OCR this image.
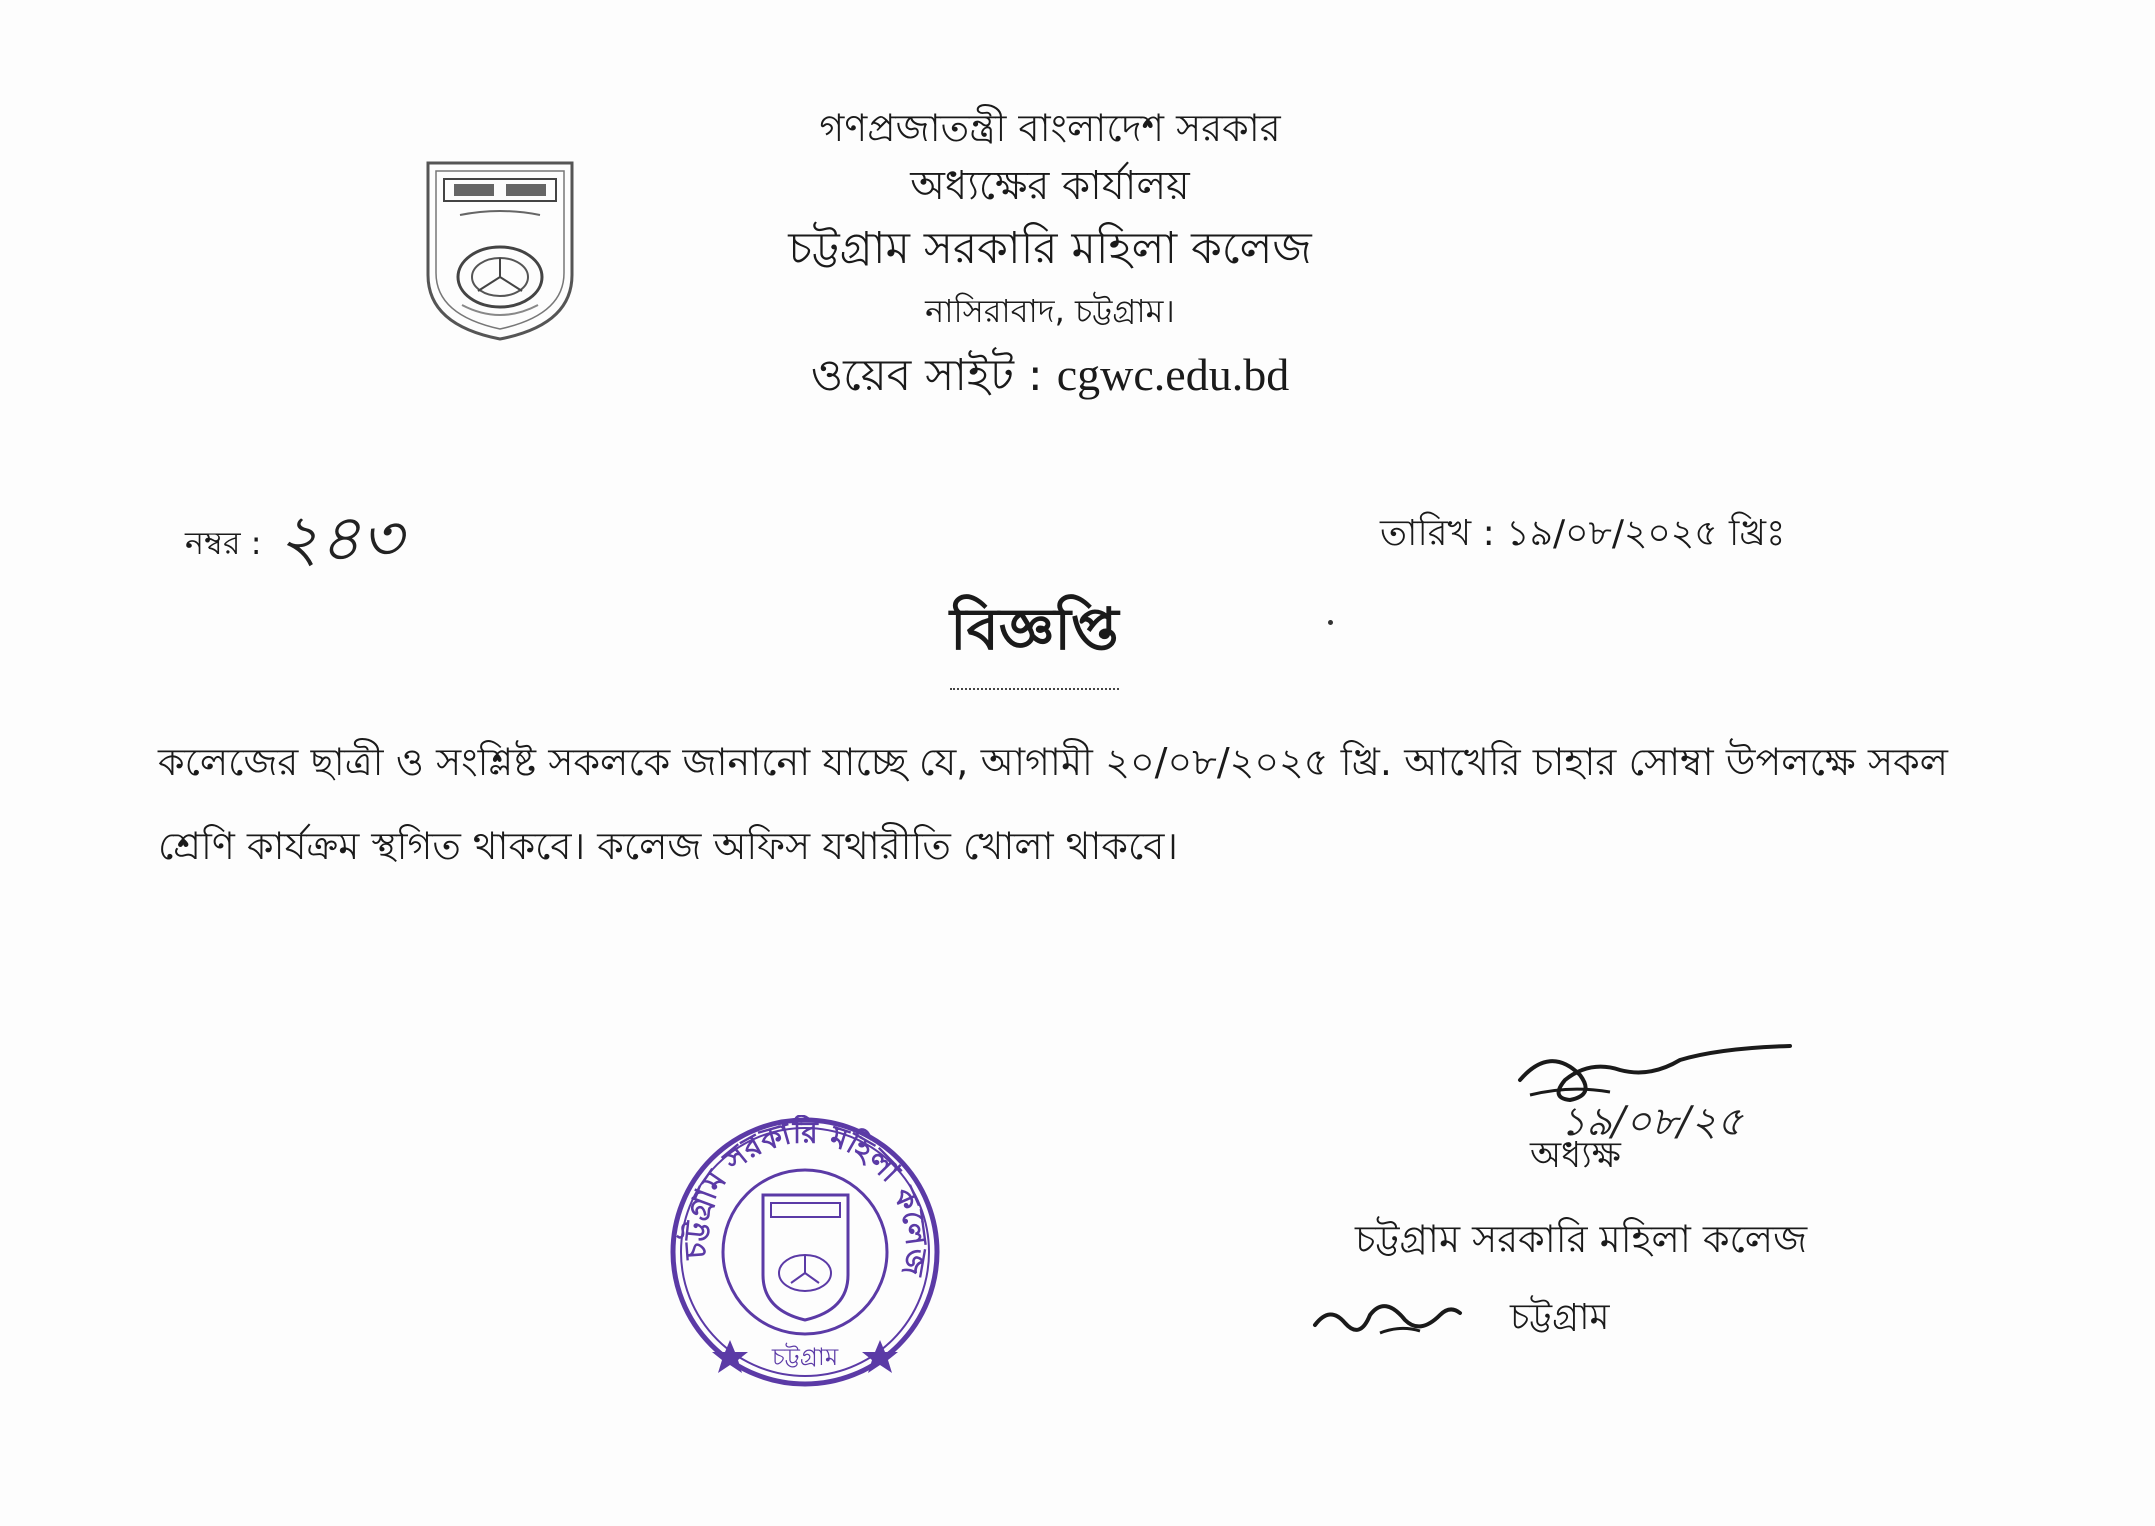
গণপ্রজাতন্ত্রী বাংলাদেশ সরকার
অধ্যক্ষের কার্যালয়
চট্টগ্রাম সরকারি মহিলা কলেজ
নাসিরাবাদ, চট্টগ্রাম।
ওয়েব সাইট : cgwc.edu.bd
নম্বর : ২৪৩	তারিখ : ১৯/০৮/২০২৫ খ্রিঃ
বিজ্ঞপ্তি
কলেজের ছাত্রী ও সংশ্লিষ্ট সকলকে জানানো যাচ্ছে যে, আগামী ২০/০৮/২০২৫ খ্রি. আখেরি চাহার সোম্বা উপলক্ষে সকল শ্রেণি কার্যক্রম স্থগিত থাকবে। কলেজ অফিস যথারীতি খোলা থাকবে।
১৯/০৮/২৫
অধ্যক্ষ
চট্টগ্রাম সরকারি মহিলা কলেজ
চট্টগ্রাম
চট্টগ্রাম সরকারি মহিলা কলেজ
চট্টগ্রাম
